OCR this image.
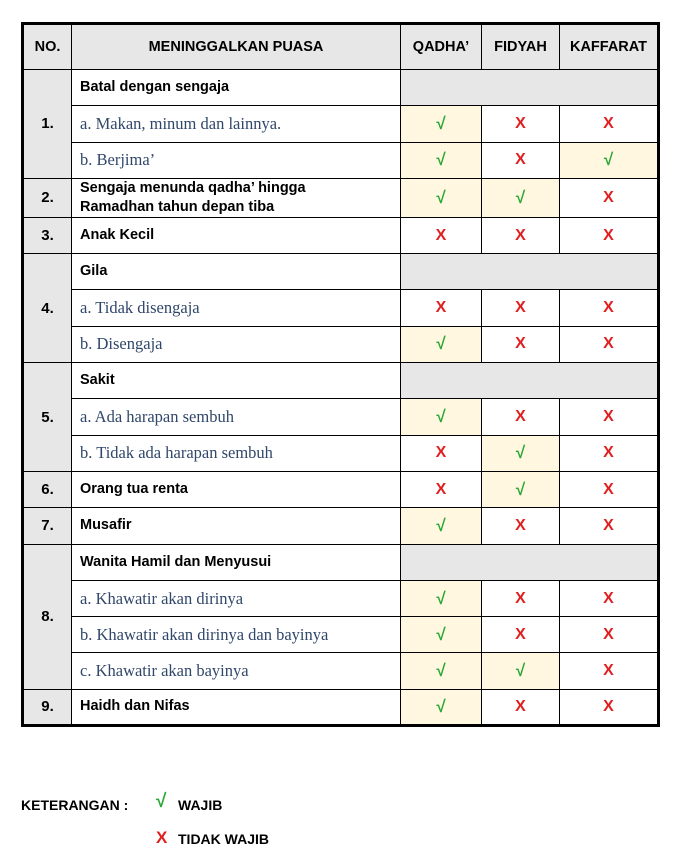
NO.	MENINGGALKAN PUASA	QADHA’	FIDYAH	KAFFARAT
1.	Batal dengan sengaja			
	a. Makan, minum dan lainnya.	√	X	X
	b. Berjima’	√	X	√
2.	Sengaja menunda qadha’ hingga
Ramadhan tahun depan tiba	√	√	X
3.	Anak Kecil	X	X	X
4.	Gila			
	a. Tidak disengaja	X	X	X
	b. Disengaja	√	X	X
5.	Sakit			
	a. Ada harapan sembuh	√	X	X
	b. Tidak ada harapan sembuh	X	√	X
6.	Orang tua renta	X	√	X
7.	Musafir	√	X	X
8.	Wanita Hamil dan Menyusui			
	a. Khawatir akan dirinya	√	X	X
	b. Khawatir akan dirinya dan bayinya	√	X	X
	c. Khawatir akan bayinya	√	√	X
9.	Haidh dan Nifas	√	X	X
KETERANGAN : √ WAJIB
X TIDAK WAJIB
